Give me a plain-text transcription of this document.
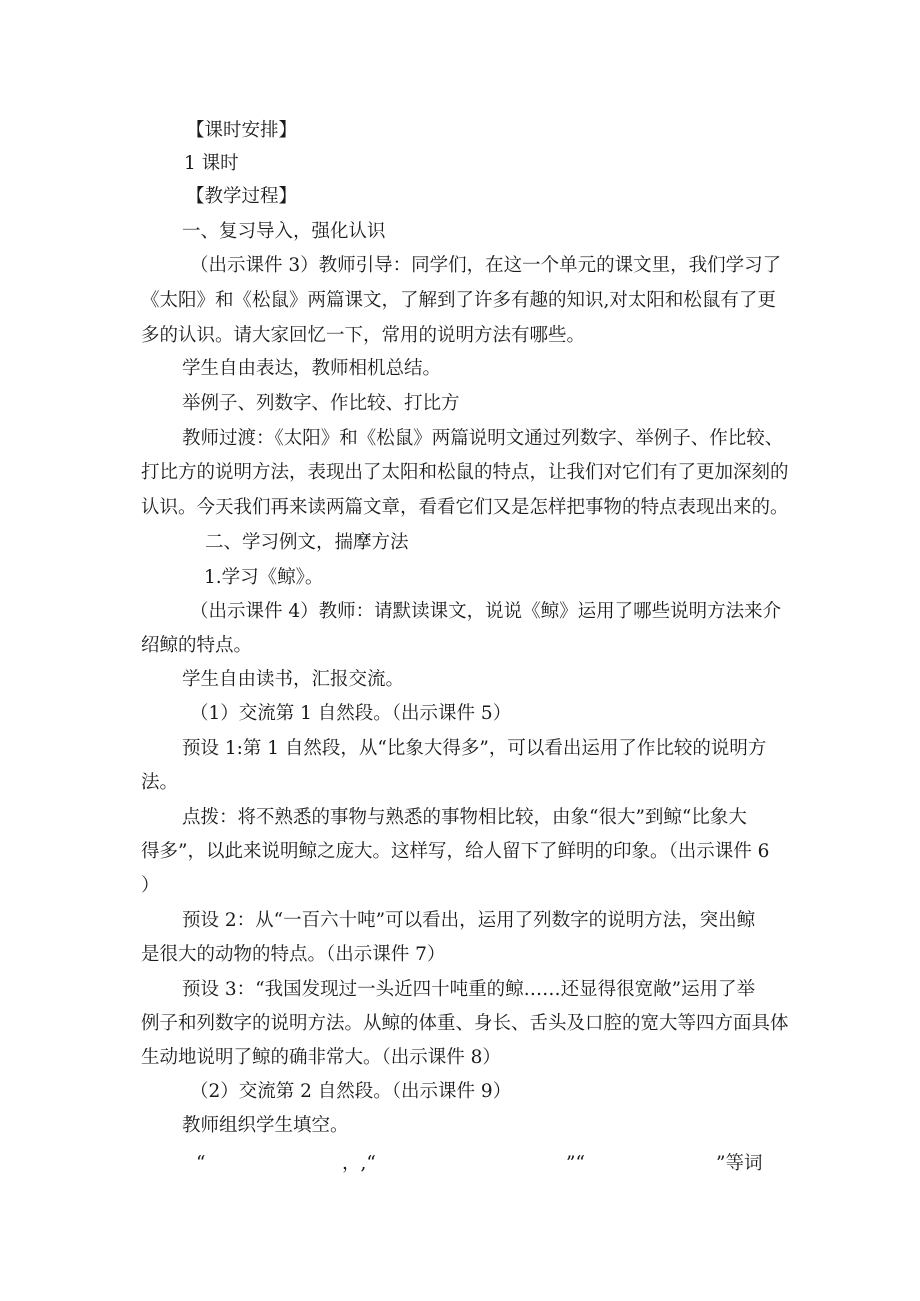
【课时安排】
1 课时
【教学过程】
一、复习导入，强化认识
（出示课件 3）教师引导：同学们，在这一个单元的课文里，我们学习了
《太阳》和《松鼠》两篇课文，了解到了许多有趣的知识,对太阳和松鼠有了更
多的认识。请大家回忆一下，常用的说明方法有哪些。
学生自由表达，教师相机总结。
举例子、列数字、作比较、打比方
教师过渡：《太阳》和《松鼠》两篇说明文通过列数字、举例子、作比较、
打比方的说明方法，表现出了太阳和松鼠的特点，让我们对它们有了更加深刻的
认识。今天我们再来读两篇文章，看看它们又是怎样把事物的特点表现出来的。
二、学习例文，揣摩方法
1.学习《鲸》。
（出示课件 4）教师：请默读课文，说说《鲸》运用了哪些说明方法来介
绍鲸的特点。
学生自由读书，汇报交流。
（1）交流第 1 自然段。（出示课件 5）
预设 1:第 1 自然段，从“比象大得多”，可以看出运用了作比较的说明方
法。
点拨：将不熟悉的事物与熟悉的事物相比较，由象“很大”到鲸“比象大
得多”，以此来说明鲸之庞大。这样写，给人留下了鲜明的印象。（出示课件 6
）
预设 2：从“一百六十吨”可以看出，运用了列数字的说明方法，突出鲸
是很大的动物的特点。（出示课件 7）
预设 3：“我国发现过一头近四十吨重的鲸……还显得很宽敞”运用了举
例子和列数字的说明方法。从鲸的体重、身长、舌头及口腔的宽大等四方面具体
生动地说明了鲸的确非常大。（出示课件 8）
（2）交流第 2 自然段。（出示课件 9）
教师组织学生填空。
“	，,“	”“	”等词
